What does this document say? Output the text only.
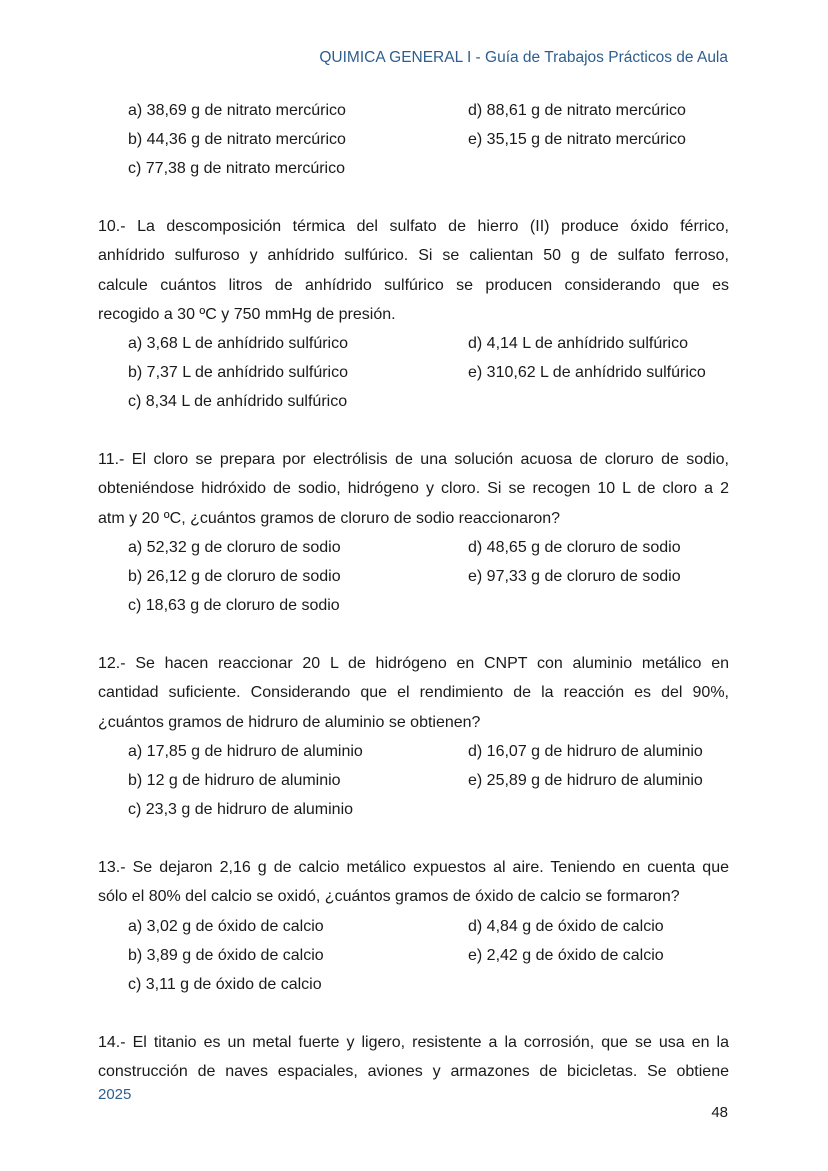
QUIMICA GENERAL I - Guía de Trabajos Prácticos de Aula
a) 38,69 g de nitrato mercúrico	d) 88,61 g de nitrato mercúrico
b) 44,36 g de nitrato mercúrico	e) 35,15 g de nitrato mercúrico
c) 77,38 g de nitrato mercúrico
10.- La descomposición térmica del sulfato de hierro (II) produce óxido férrico,
anhídrido sulfuroso y anhídrido sulfúrico. Si se calientan 50 g de sulfato ferroso,
calcule cuántos litros de anhídrido sulfúrico se producen considerando que es
recogido a 30 ºC y 750 mmHg de presión.
a) 3,68 L de anhídrido sulfúrico	d) 4,14 L de anhídrido sulfúrico
b) 7,37 L de anhídrido sulfúrico	e) 310,62 L de anhídrido sulfúrico
c) 8,34 L de anhídrido sulfúrico
11.- El cloro se prepara por electrólisis de una solución acuosa de cloruro de sodio,
obteniéndose hidróxido de sodio, hidrógeno y cloro. Si se recogen 10 L de cloro a 2
atm y 20 ºC, ¿cuántos gramos de cloruro de sodio reaccionaron?
a) 52,32 g de cloruro de sodio	d) 48,65 g de cloruro de sodio
b) 26,12 g de cloruro de sodio	e) 97,33 g de cloruro de sodio
c) 18,63 g de cloruro de sodio
12.- Se hacen reaccionar 20 L de hidrógeno en CNPT con aluminio metálico en
cantidad suficiente. Considerando que el rendimiento de la reacción es del 90%,
¿cuántos gramos de hidruro de aluminio se obtienen?
a) 17,85 g de hidruro de aluminio	d) 16,07 g de hidruro de aluminio
b) 12 g de hidruro de aluminio	e) 25,89 g de hidruro de aluminio
c) 23,3 g de hidruro de aluminio
13.- Se dejaron 2,16 g de calcio metálico expuestos al aire. Teniendo en cuenta que
sólo el 80% del calcio se oxidó, ¿cuántos gramos de óxido de calcio se formaron?
a) 3,02 g de óxido de calcio	d) 4,84 g de óxido de calcio
b) 3,89 g de óxido de calcio	e) 2,42 g de óxido de calcio
c) 3,11 g de óxido de calcio
14.- El titanio es un metal fuerte y ligero, resistente a la corrosión, que se usa en la
construcción de naves espaciales, aviones y armazones de bicicletas. Se obtiene
2025
48
